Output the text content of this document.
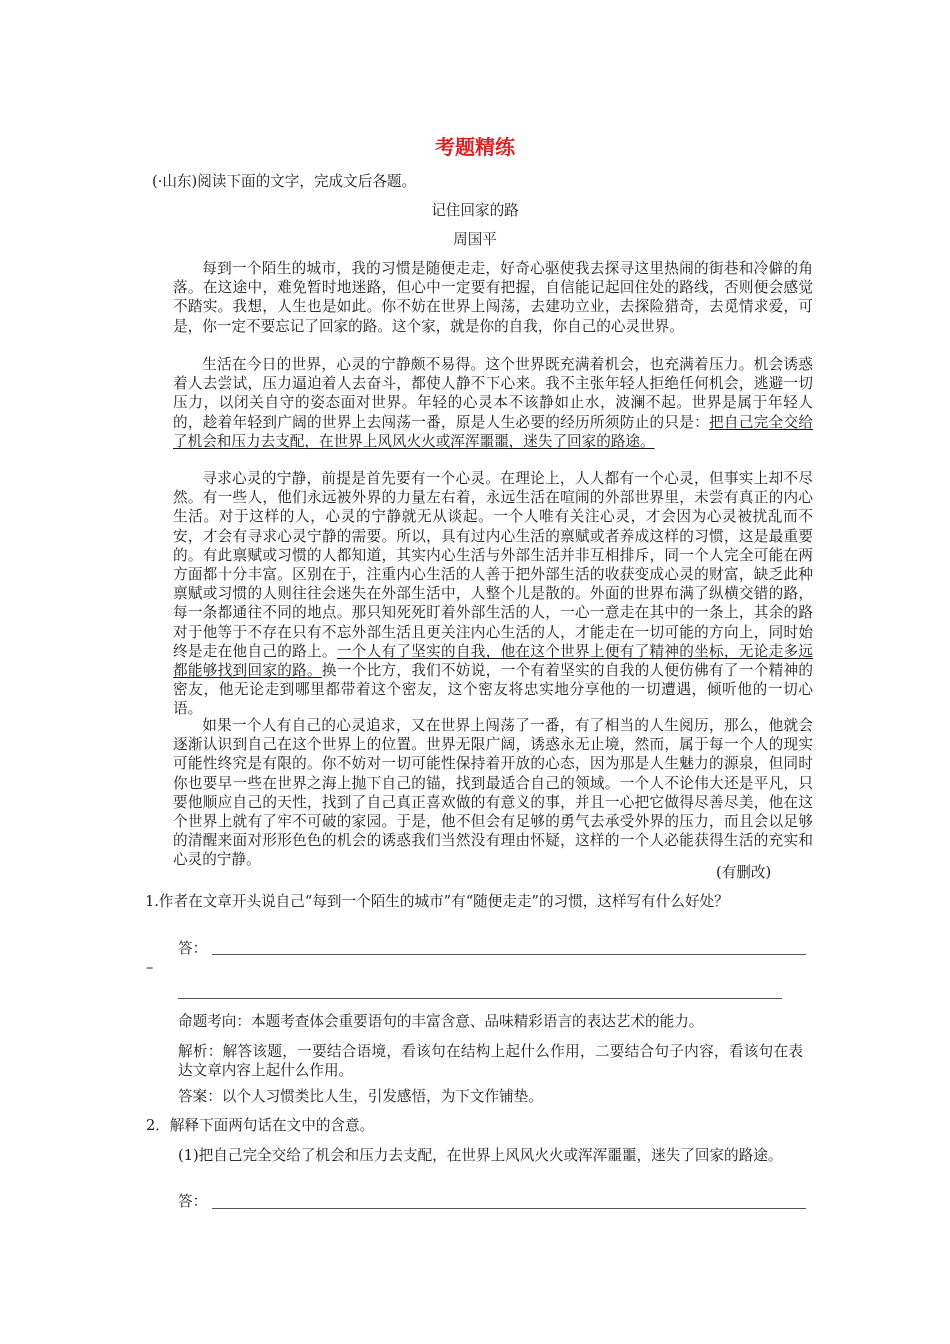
考题精练
(·山东)阅读下面的文字，完成文后各题。
记住回家的路
周国平
每到一个陌生的城市，我的习惯是随便走走，好奇心驱使我去探寻这里热闹的街巷和冷僻的角落。在这途中，难免暂时地迷路，但心中一定要有把握，自信能记起回住处的路线，否则便会感觉不踏实。我想，人生也是如此。你不妨在世界上闯荡，去建功立业，去探险猎奇，去觅情求爱，可是，你一定不要忘记了回家的路。这个家，就是你的自我，你自己的心灵世界。
生活在今日的世界，心灵的宁静颇不易得。这个世界既充满着机会，也充满着压力。机会诱惑着人去尝试，压力逼迫着人去奋斗，都使人静不下心来。我不主张年轻人拒绝任何机会，逃避一切压力，以闭关自守的姿态面对世界。年轻的心灵本不该静如止水，波澜不起。世界是属于年轻人的，趁着年轻到广阔的世界上去闯荡一番，原是人生必要的经历所须防止的只是：把自己完全交给了机会和压力去支配，在世界上风风火火或浑浑噩噩，迷失了回家的路途。
寻求心灵的宁静，前提是首先要有一个心灵。在理论上，人人都有一个心灵，但事实上却不尽然。有一些人，他们永远被外界的力量左右着，永远生活在喧闹的外部世界里，未尝有真正的内心生活。对于这样的人，心灵的宁静就无从谈起。一个人唯有关注心灵，才会因为心灵被扰乱而不安，才会有寻求心灵宁静的需要。所以，具有过内心生活的禀赋或者养成这样的习惯，这是最重要的。有此禀赋或习惯的人都知道，其实内心生活与外部生活并非互相排斥，同一个人完全可能在两方面都十分丰富。区别在于，注重内心生活的人善于把外部生活的收获变成心灵的财富，缺乏此种禀赋或习惯的人则往往会迷失在外部生活中，人整个儿是散的。外面的世界布满了纵横交错的路，每一条都通往不同的地点。那只知死死盯着外部生活的人，一心一意走在其中的一条上，其余的路对于他等于不存在只有不忘外部生活且更关注内心生活的人，才能走在一切可能的方向上，同时始终是走在他自己的路上。一个人有了坚实的自我，他在这个世界上便有了精神的坐标，无论走多远都能够找到回家的路。换一个比方，我们不妨说，一个有着坚实的自我的人便仿佛有了一个精神的密友，他无论走到哪里都带着这个密友，这个密友将忠实地分享他的一切遭遇，倾听他的一切心语。
如果一个人有自己的心灵追求，又在世界上闯荡了一番，有了相当的人生阅历，那么，他就会逐渐认识到自己在这个世界上的位置。世界无限广阔，诱惑永无止境，然而，属于每一个人的现实可能性终究是有限的。你不妨对一切可能性保持着开放的心态，因为那是人生魅力的源泉，但同时你也要早一些在世界之海上抛下自己的锚，找到最适合自己的领域。一个人不论伟大还是平凡，只要他顺应自己的天性，找到了自己真正喜欢做的有意义的事，并且一心把它做得尽善尽美，他在这个世界上就有了牢不可破的家园。于是，他不但会有足够的勇气去承受外界的压力，而且会以足够的清醒来面对形形色色的机会的诱惑我们当然没有理由怀疑，这样的一个人必能获得生活的充实和心灵的宁静。
(有删改)
1.作者在文章开头说自己“每到一个陌生的城市”有“随便走走”的习惯，这样写有什么好处？
答：
–
命题考向：本题考查体会重要语句的丰富含意、品味精彩语言的表达艺术的能力。
解析：解答该题，一要结合语境，看该句在结构上起什么作用，二要结合句子内容，看该句在表达文章内容上起什么作用。
答案：以个人习惯类比人生，引发感悟，为下文作铺垫。
2．解释下面两句话在文中的含意。
(1)把自己完全交给了机会和压力去支配，在世界上风风火火或浑浑噩噩，迷失了回家的路途。
答：
